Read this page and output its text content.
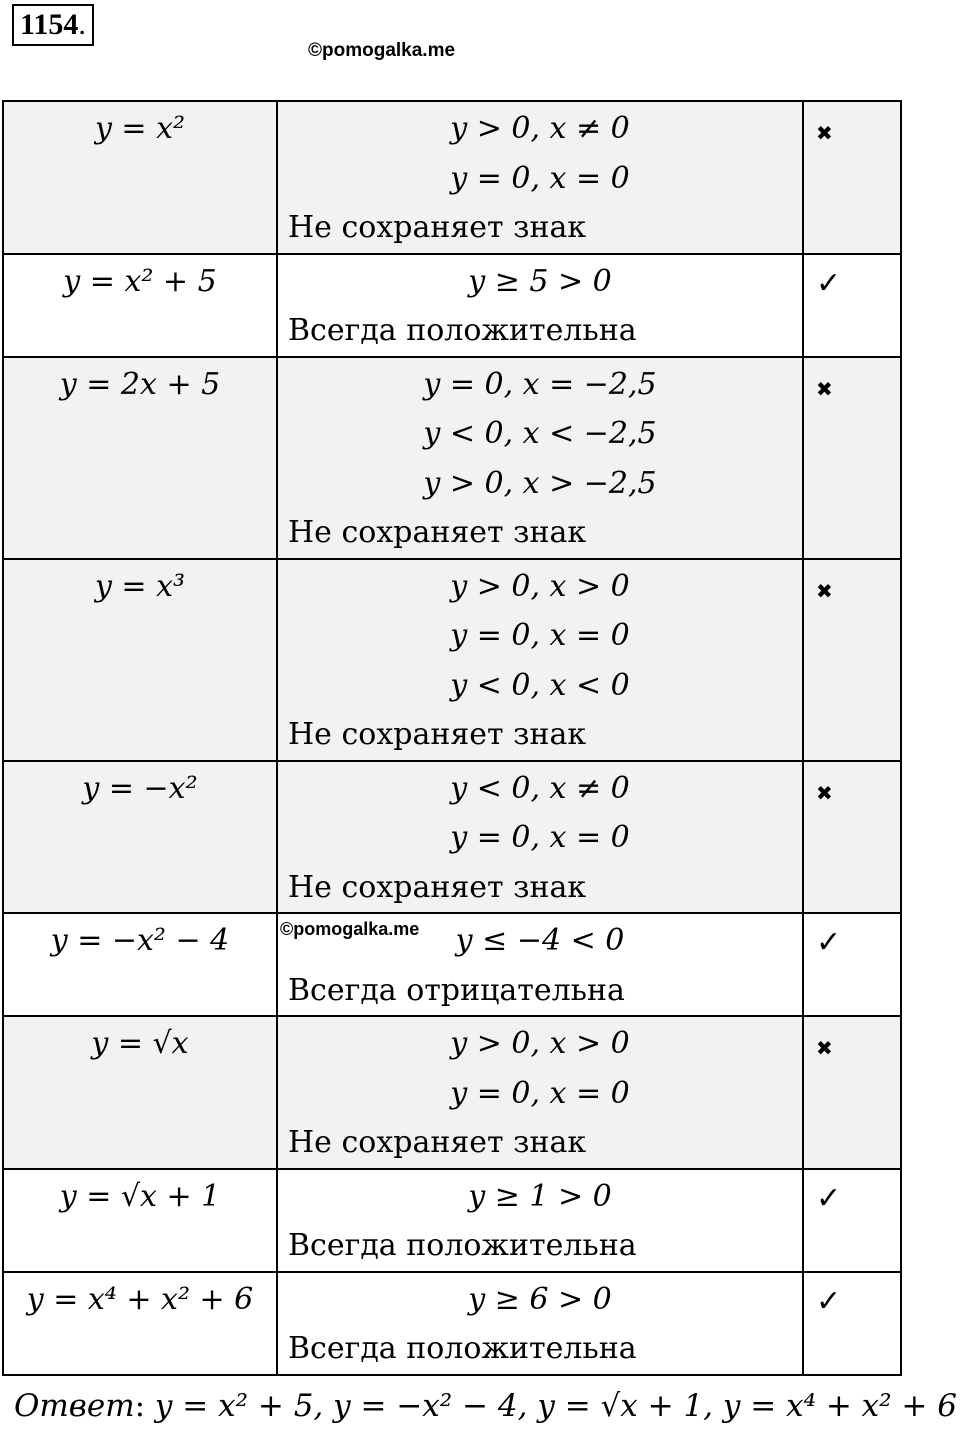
1154.
©pomogalka.me
y = x²	y > 0, x ≠ 0
y = 0, x = 0
Не сохраняет знак	✖
y = x² + 5	y ≥ 5 > 0
Всегда положительна	✓
y = 2x + 5	y = 0, x = −2,5
y < 0, x < −2,5
y > 0, x > −2,5
Не сохраняет знак	✖
y = x³	y > 0, x > 0
y = 0, x = 0
y < 0, x < 0
Не сохраняет знак	✖
y = −x²	y < 0, x ≠ 0
y = 0, x = 0
Не сохраняет знак	✖
y = −x² − 4	y ≤ −4 < 0
Всегда отрицательна	✓
y = √x	y > 0, x > 0
y = 0, x = 0
Не сохраняет знак	✖
y = √x + 1	y ≥ 1 > 0
Всегда положительна	✓
y = x⁴ + x² + 6	y ≥ 6 > 0
Всегда положительна	✓
©pomogalka.me
Ответ: y = x² + 5, y = −x² − 4, y = √x + 1, y = x⁴ + x² + 6
